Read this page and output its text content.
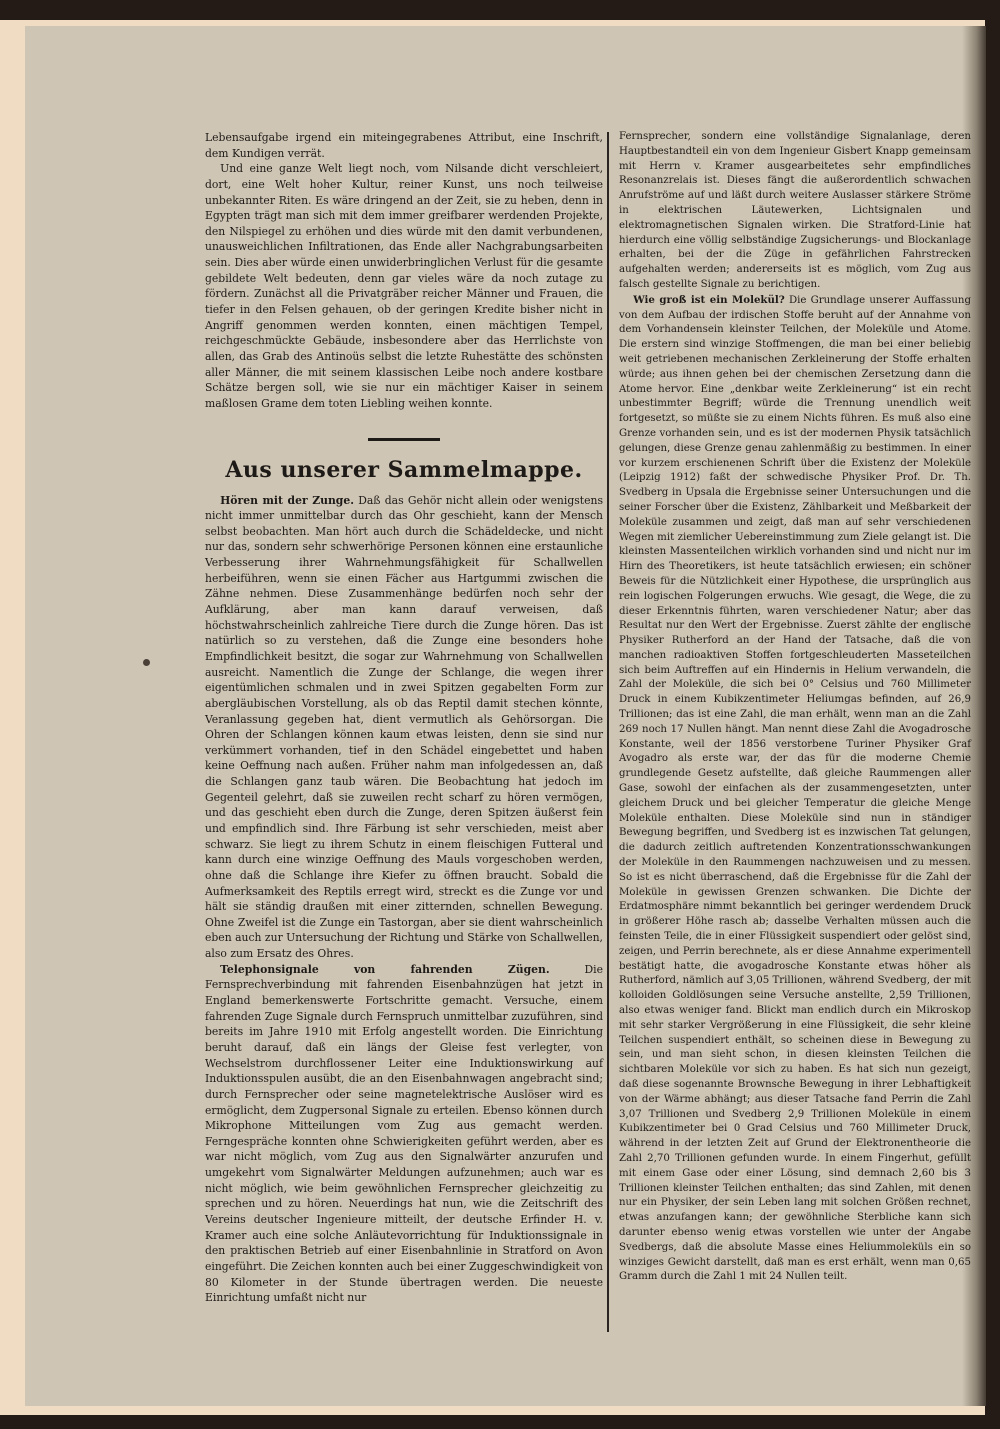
Lebensaufgabe irgend ein miteingegrabenes Attribut, eine Inschrift, dem Kundigen verrät.

Und eine ganze Welt liegt noch, vom Nilsande dicht verschleiert, dort, eine Welt hoher Kultur, reiner Kunst, uns noch teilweise unbekannter Riten. Es wäre dringend an der Zeit, sie zu heben, denn in Egypten trägt man sich mit dem immer greifbarer werdenden Projekte, den Nilspiegel zu erhöhen und dies würde mit den damit verbundenen, unausweichlichen Infiltrationen, das Ende aller Nachgrabungsarbeiten sein. Dies aber würde einen unwiderbringlichen Verlust für die gesamte gebildete Welt bedeuten, denn gar vieles wäre da noch zutage zu fördern. Zunächst all die Privatgräber reicher Männer und Frauen, die tiefer in den Felsen gehauen, ob der geringen Kredite bisher nicht in Angriff genommen werden konnten, einen mächtigen Tempel, reichgeschmückte Gebäude, insbesondere aber das Herrlichste von allen, das Grab des Antinoüs selbst die letzte Ruhestätte des schönsten aller Männer, die mit seinem klassischen Leibe noch andere kostbare Schätze bergen soll, wie sie nur ein mächtiger Kaiser in seinem maßlosen Grame dem toten Liebling weihen konnte.

Aus unserer Sammelmappe.

Hören mit der Zunge. Daß das Gehör nicht allein oder wenigstens nicht immer unmittelbar durch das Ohr geschieht, kann der Mensch selbst beobachten. Man hört auch durch die Schädeldecke, und nicht nur das, sondern sehr schwerhörige Personen können eine erstaunliche Verbesserung ihrer Wahrnehmungsfähigkeit für Schallwellen herbeiführen, wenn sie einen Fächer aus Hartgummi zwischen die Zähne nehmen. Diese Zusammenhänge bedürfen noch sehr der Aufklärung, aber man kann darauf verweisen, daß höchstwahrscheinlich zahlreiche Tiere durch die Zunge hören. Das ist natürlich so zu verstehen, daß die Zunge eine besonders hohe Empfindlichkeit besitzt, die sogar zur Wahrnehmung von Schallwellen ausreicht. Namentlich die Zunge der Schlange, die wegen ihrer eigentümlichen schmalen und in zwei Spitzen gegabelten Form zur abergläubischen Vorstellung, als ob das Reptil damit stechen könnte, Veranlassung gegeben hat, dient vermutlich als Gehörsorgan. Die Ohren der Schlangen können kaum etwas leisten, denn sie sind nur verkümmert vorhanden, tief in den Schädel eingebettet und haben keine Oeffnung nach außen. Früher nahm man infolgedessen an, daß die Schlangen ganz taub wären. Die Beobachtung hat jedoch im Gegenteil gelehrt, daß sie zuweilen recht scharf zu hören vermögen, und das geschieht eben durch die Zunge, deren Spitzen äußerst fein und empfindlich sind. Ihre Färbung ist sehr verschieden, meist aber schwarz. Sie liegt zu ihrem Schutz in einem fleischigen Futteral und kann durch eine winzige Oeffnung des Mauls vorgeschoben werden, ohne daß die Schlange ihre Kiefer zu öffnen braucht. Sobald die Aufmerksamkeit des Reptils erregt wird, streckt es die Zunge vor und hält sie ständig draußen mit einer zitternden, schnellen Bewegung. Ohne Zweifel ist die Zunge ein Tastorgan, aber sie dient wahrscheinlich eben auch zur Untersuchung der Richtung und Stärke von Schallwellen, also zum Ersatz des Ohres.

Telephonsignale von fahrenden Zügen.	Die Fernsprechverbindung mit fahrenden Eisenbahnzügen hat jetzt in England bemerkenswerte Fortschritte gemacht. Versuche, einem fahrenden Zuge Signale durch Fernspruch unmittelbar zuzuführen, sind bereits im Jahre 1910 mit Erfolg angestellt worden. Die Einrichtung beruht darauf, daß ein längs der Gleise fest verlegter, von Wechselstrom durchflossener Leiter eine Induktionswirkung auf Induktionsspulen ausübt, die an den Eisenbahnwagen angebracht sind; durch Fernsprecher oder seine magnetelektrische Auslöser wird es ermöglicht, dem Zugpersonal Signale zu erteilen. Ebenso können durch Mikrophone Mitteilungen vom Zug aus gemacht werden. Ferngespräche konnten ohne Schwierigkeiten geführt werden, aber es war nicht möglich, vom Zug aus den Signalwärter anzurufen und umgekehrt vom Signalwärter Meldungen aufzunehmen; auch war es nicht möglich, wie beim gewöhnlichen Fernsprecher gleichzeitig zu sprechen und zu hören. Neuerdings hat nun, wie die Zeitschrift des Vereins deutscher Ingenieure mitteilt, der deutsche Erfinder H. v. Kramer auch eine solche Anläutevorrichtung für Induktionssignale in den praktischen Betrieb auf einer Eisenbahnlinie in Stratford on Avon eingeführt. Die Zeichen konnten auch bei einer Zuggeschwindigkeit von 80 Kilometer in der Stunde übertragen werden. Die neueste Einrichtung umfaßt nicht nur

Fernsprecher, sondern eine vollständige Signalanlage, deren Hauptbestandteil ein von dem Ingenieur Gisbert Knapp gemeinsam mit Herrn v. Kramer ausgearbeitetes sehr empfindliches Resonanzrelais ist. Dieses fängt die außerordentlich schwachen Anrufströme auf und läßt durch weitere Auslasser stärkere Ströme in elektrischen Läutewerken, Lichtsignalen und elektromagnetischen Signalen wirken. Die Stratford-Linie hat hierdurch eine völlig selbständige Zugsicherungs- und Blockanlage erhalten, bei der die Züge in gefährlichen Fahrstrecken aufgehalten werden; andererseits ist es möglich, vom Zug aus falsch gestellte Signale zu berichtigen.

Wie groß ist ein Molekül? Die Grundlage unserer Auffassung von dem Aufbau der irdischen Stoffe beruht auf der Annahme von dem Vorhandensein kleinster Teilchen, der Moleküle und Atome. Die erstern sind winzige Stoffmengen, die man bei einer beliebig weit getriebenen mechanischen Zerkleinerung der Stoffe erhalten würde; aus ihnen gehen bei der chemischen Zersetzung dann die Atome hervor. Eine „denkbar weite Zerkleinerung“ ist ein recht unbestimmter Begriff; würde die Trennung unendlich weit fortgesetzt, so müßte sie zu einem Nichts führen. Es muß also eine Grenze vorhanden sein, und es ist der modernen Physik tatsächlich gelungen, diese Grenze genau zahlenmäßig zu bestimmen. In einer vor kurzem erschienenen Schrift über die Existenz der Moleküle (Leipzig 1912) faßt der schwedische Physiker Prof. Dr. Th. Svedberg in Upsala die Ergebnisse seiner Untersuchungen und die seiner Forscher über die Existenz, Zählbarkeit und Meßbarkeit der Moleküle zusammen und zeigt, daß man auf sehr verschiedenen Wegen mit ziemlicher Uebereinstimmung zum Ziele gelangt ist. Die kleinsten Massenteilchen wirklich vorhanden sind und nicht nur im Hirn des Theoretikers, ist heute tatsächlich erwiesen; ein schöner Beweis für die Nützlichkeit einer Hypothese, die ursprünglich aus rein logischen Folgerungen erwuchs. Wie gesagt, die Wege, die zu dieser Erkenntnis führten, waren verschiedener Natur; aber das Resultat nur den Wert der Ergebnisse. Zuerst zählte der englische Physiker Rutherford an der Hand der Tatsache, daß die von manchen radioaktiven Stoffen fortgeschleuderten Masseteilchen sich beim Auftreffen auf ein Hindernis in Helium verwandeln, die Zahl der Moleküle, die sich bei 0° Celsius und 760 Millimeter Druck in einem Kubikzentimeter Heliumgas befinden, auf 26,9 Trillionen; das ist eine Zahl, die man erhält, wenn man an die Zahl 269 noch 17 Nullen hängt. Man nennt diese Zahl die Avogadrosche Konstante, weil der 1856 verstorbene Turiner Physiker Graf Avogadro als erste war, der das für die moderne Chemie grundlegende Gesetz aufstellte, daß gleiche Raummengen aller Gase, sowohl der einfachen als der zusammengesetzten, unter gleichem Druck und bei gleicher Temperatur die gleiche Menge Moleküle enthalten. Diese Moleküle sind nun in ständiger Bewegung begriffen, und Svedberg ist es inzwischen Tat gelungen, die dadurch zeitlich auftretenden Konzentrationsschwankungen der Moleküle in den Raummengen nachzuweisen und zu messen. So ist es nicht überraschend, daß die Ergebnisse für die Zahl der Moleküle in gewissen Grenzen schwanken. Die Dichte der Erdatmosphäre nimmt bekanntlich bei geringer werdendem Druck in größerer Höhe rasch ab; dasselbe Verhalten müssen auch die feinsten Teile, die in einer Flüssigkeit suspendiert oder gelöst sind, zeigen, und Perrin berechnete, als er diese Annahme experimentell bestätigt hatte, die avogadrosche Konstante etwas höher als Rutherford, nämlich auf 3,05 Trillionen, während Svedberg, der mit kolloiden Goldlösungen seine Versuche anstellte, 2,59 Trillionen, also etwas weniger fand. Blickt man endlich durch ein Mikroskop mit sehr starker Vergrößerung in eine Flüssigkeit, die sehr kleine Teilchen suspendiert enthält, so scheinen diese in Bewegung zu sein, und man sieht schon, in diesen kleinsten Teilchen die sichtbaren Moleküle vor sich zu haben. Es hat sich nun gezeigt, daß diese sogenannte Brownsche Bewegung in ihrer Lebhaftigkeit von der Wärme abhängt; aus dieser Tatsache fand Perrin die Zahl 3,07 Trillionen und Svedberg 2,9 Trillionen Moleküle in einem Kubikzentimeter bei 0 Grad Celsius und 760 Millimeter Druck, während in der letzten Zeit auf Grund der Elektronentheorie die Zahl 2,70 Trillionen gefunden wurde. In einem Fingerhut, gefüllt mit einem Gase oder einer Lösung, sind demnach 2,60 bis 3 Trillionen kleinster Teilchen enthalten; das sind Zahlen, mit denen nur ein Physiker, der sein Leben lang mit solchen Größen rechnet, etwas anzufangen kann; der gewöhnliche Sterbliche kann sich darunter ebenso wenig etwas vorstellen wie unter der Angabe Svedbergs, daß die absolute Masse eines Heliummoleküls ein so winziges Gewicht darstellt, daß man es erst erhält, wenn man 0,65 Gramm durch die Zahl 1 mit 24 Nullen teilt.
